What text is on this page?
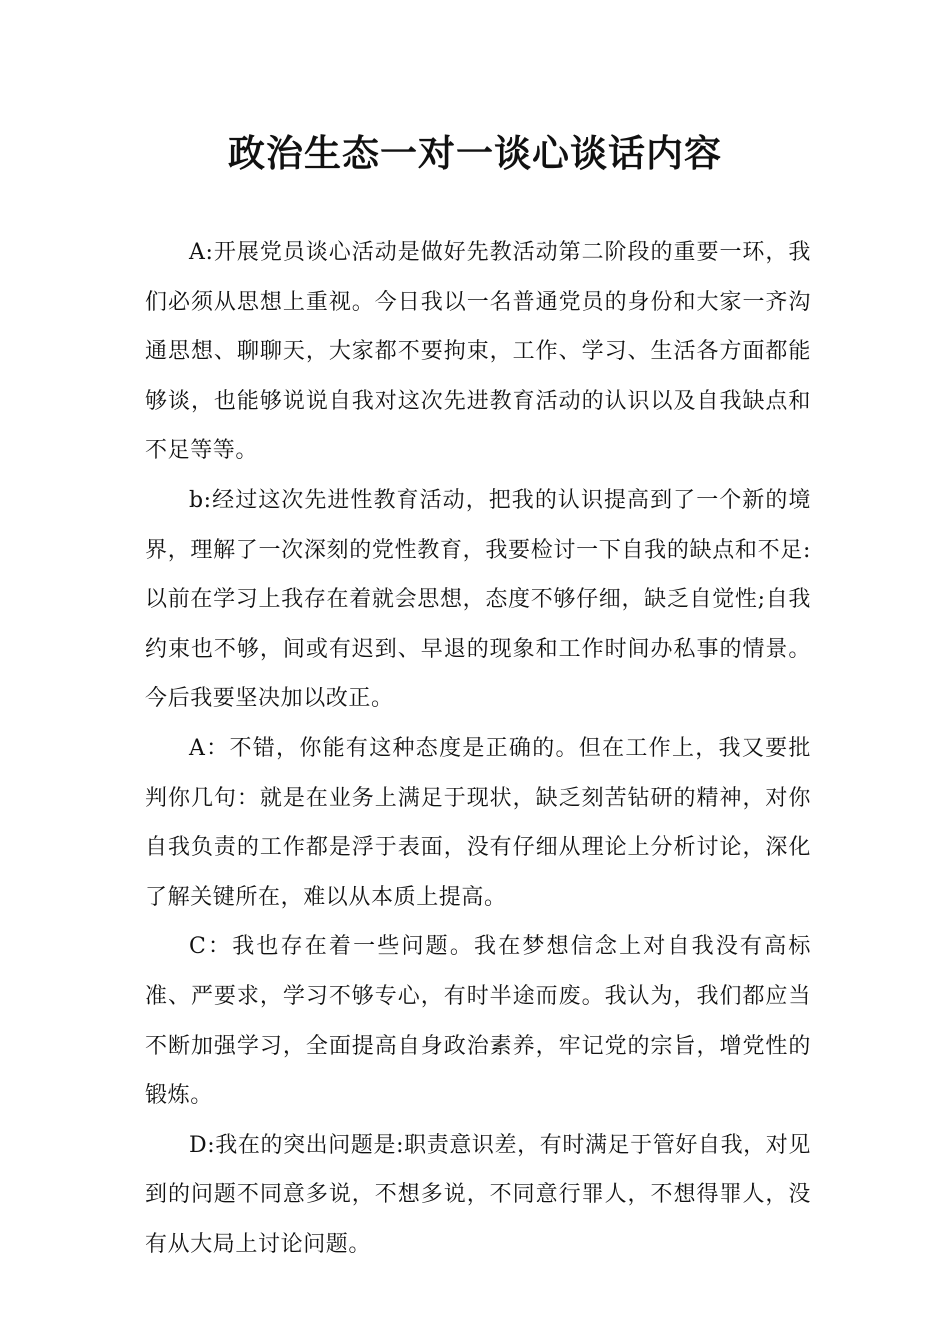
政治生态一对一谈心谈话内容

A:开展党员谈心活动是做好先教活动第二阶段的重要一环，我们必须从思想上重视。今日我以一名普通党员的身份和大家一齐沟通思想、聊聊天，大家都不要拘束，工作、学习、生活各方面都能够谈，也能够说说自我对这次先进教育活动的认识以及自我缺点和不足等等。

b:经过这次先进性教育活动，把我的认识提高到了一个新的境界，理解了一次深刻的党性教育，我要检讨一下自我的缺点和不足:以前在学习上我存在着就会思想，态度不够仔细，缺乏自觉性;自我约束也不够，间或有迟到、早退的现象和工作时间办私事的情景。今后我要坚决加以改正。

A：不错，你能有这种态度是正确的。但在工作上，我又要批判你几句：就是在业务上满足于现状，缺乏刻苦钻研的精神，对你自我负责的工作都是浮于表面，没有仔细从理论上分析讨论，深化了解关键所在，难以从本质上提高。

C：我也存在着一些问题。我在梦想信念上对自我没有高标准、严要求，学习不够专心，有时半途而废。我认为，我们都应当不断加强学习，全面提高自身政治素养，牢记党的宗旨，增党性的锻炼。

D:我在的突出问题是:职责意识差，有时满足于管好自我，对见到的问题不同意多说，不想多说，不同意行罪人，不想得罪人，没有从大局上讨论问题。
